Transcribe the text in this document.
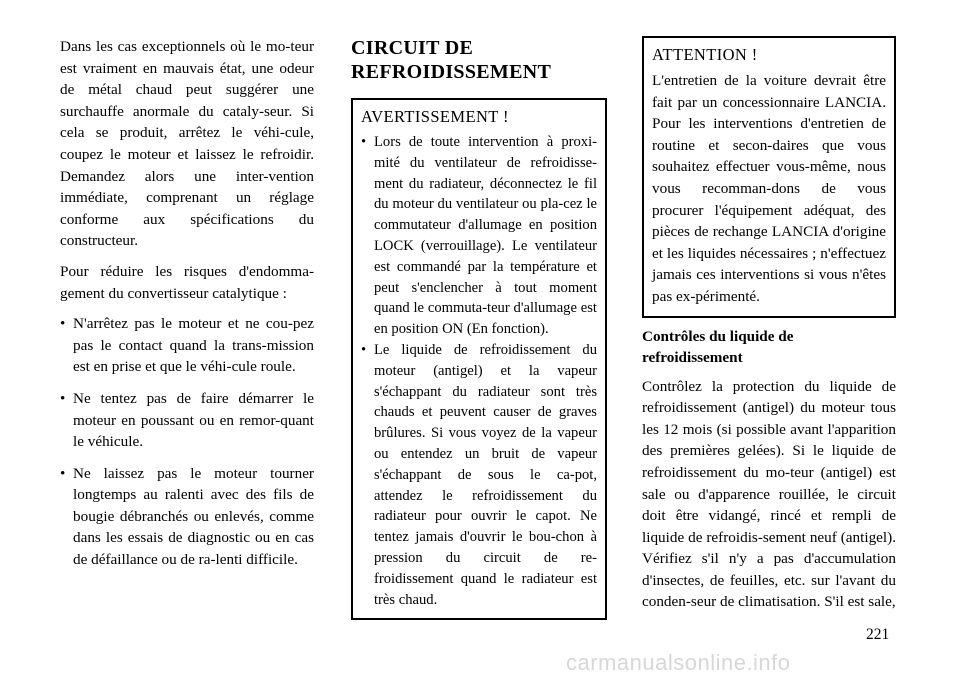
Dans les cas exceptionnels où le mo-teur est vraiment en mauvais état, une odeur de métal chaud peut suggérer une surchauffe anormale du cataly-seur. Si cela se produit, arrêtez le véhi-cule, coupez le moteur et laissez le refroidir. Demandez alors une inter-vention immédiate, comprenant un réglage conforme aux spécifications du constructeur.

Pour réduire les risques d'endomma-gement du convertisseur catalytique :

• N'arrêtez pas le moteur et ne cou-pez pas le contact quand la trans-mission est en prise et que le véhi-cule roule.
• Ne tentez pas de faire démarrer le moteur en poussant ou en remor-quant le véhicule.
• Ne laissez pas le moteur tourner longtemps au ralenti avec des fils de bougie débranchés ou enlevés, comme dans les essais de diagnostic ou en cas de défaillance ou de ra-lenti difficile.
CIRCUIT DE REFROIDISSEMENT
AVERTISSEMENT !
• Lors de toute intervention à proxi-mité du ventilateur de refroidisse-ment du radiateur, déconnectez le fil du moteur du ventilateur ou pla-cez le commutateur d'allumage en position LOCK (verrouillage). Le ventilateur est commandé par la température et peut s'enclencher à tout moment quand le commuta-teur d'allumage est en position ON (En fonction).
• Le liquide de refroidissement du moteur (antigel) et la vapeur s'échappant du radiateur sont très chauds et peuvent causer de graves brûlures. Si vous voyez de la vapeur ou entendez un bruit de vapeur s'échappant de sous le ca-pot, attendez le refroidissement du radiateur pour ouvrir le capot. Ne tentez jamais d'ouvrir le bou-chon à pression du circuit de re-froidissement quand le radiateur est très chaud.
ATTENTION !

L'entretien de la voiture devrait être fait par un concessionnaire LANCIA. Pour les interventions d'entretien de routine et secon-daires que vous souhaitez effectuer vous-même, nous vous recomman-dons de vous procurer l'équipement adéquat, des pièces de rechange LANCIA d'origine et les liquides nécessaires ; n'effectuez jamais ces interventions si vous n'êtes pas ex-périmenté.

Contrôles du liquide de refroidissement

Contrôlez la protection du liquide de refroidissement (antigel) du moteur tous les 12 mois (si possible avant l'apparition des premières gelées). Si le liquide de refroidissement du mo-teur (antigel) est sale ou d'apparence rouillée, le circuit doit être vidangé, rincé et rempli de liquide de refroidis-sement neuf (antigel). Vérifiez s'il n'y a pas d'accumulation d'insectes, de feuilles, etc. sur l'avant du conden-seur de climatisation. S'il est sale,

221
carmanualsonline.info
